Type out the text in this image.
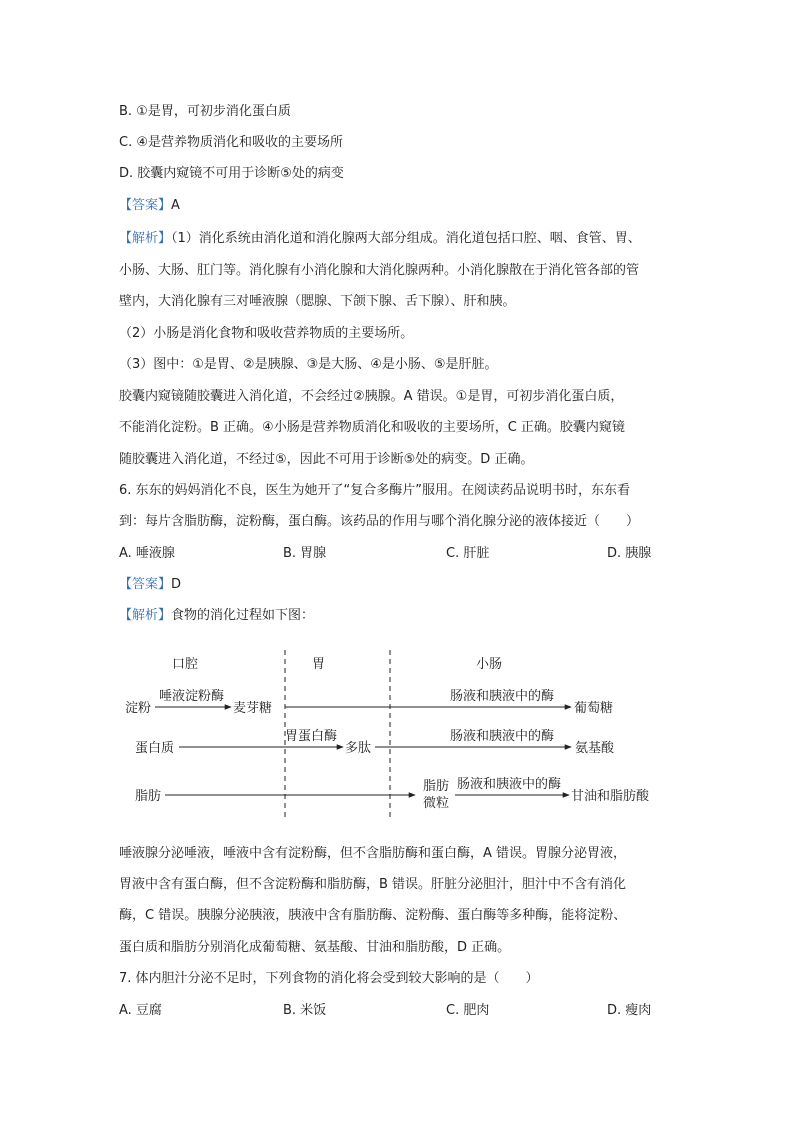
B. ①是胃，可初步消化蛋白质
C. ④是营养物质消化和吸收的主要场所
D. 胶囊内窥镜不可用于诊断⑤处的病变
【答案】A
【解析】（1）消化系统由消化道和消化腺两大部分组成。消化道包括口腔、咽、食管、胃、
小肠、大肠、肛门等。消化腺有小消化腺和大消化腺两种。小消化腺散在于消化管各部的管
壁内，大消化腺有三对唾液腺（腮腺、下颌下腺、舌下腺）、肝和胰。
（2）小肠是消化食物和吸收营养物质的主要场所。
（3）图中：①是胃、②是胰腺、③是大肠、④是小肠、⑤是肝脏。
胶囊内窥镜随胶囊进入消化道，不会经过②胰腺。A 错误。①是胃，可初步消化蛋白质，
不能消化淀粉。B 正确。④小肠是营养物质消化和吸收的主要场所，C 正确。胶囊内窥镜
随胶囊进入消化道，不经过⑤，因此不可用于诊断⑤处的病变。D 正确。
6. 东东的妈妈消化不良，医生为她开了“复合多酶片”服用。在阅读药品说明书时，东东看
到：每片含脂肪酶，淀粉酶，蛋白酶。该药品的作用与哪个消化腺分泌的液体接近（　　）
A. 唾液腺	B. 胃腺	C. 肝脏	D. 胰腺
【答案】D
【解析】食物的消化过程如下图：
口腔	胃	小肠
淀粉
唾液淀粉酶
麦芽糖
肠液和胰液中的酶
葡萄糖
蛋白质
胃蛋白酶
多肽
肠液和胰液中的酶
氨基酸
脂肪
脂肪
微粒
肠液和胰液中的酶
甘油和脂肪酸
唾液腺分泌唾液，唾液中含有淀粉酶，但不含脂肪酶和蛋白酶，A 错误。胃腺分泌胃液，
胃液中含有蛋白酶，但不含淀粉酶和脂肪酶，B 错误。肝脏分泌胆汁，胆汁中不含有消化
酶，C 错误。胰腺分泌胰液，胰液中含有脂肪酶、淀粉酶、蛋白酶等多种酶，能将淀粉、
蛋白质和脂肪分别消化成葡萄糖、氨基酸、甘油和脂肪酸，D 正确。
7. 体内胆汁分泌不足时，下列食物的消化将会受到较大影响的是（　　）
A. 豆腐	B. 米饭	C. 肥肉	D. 瘦肉
